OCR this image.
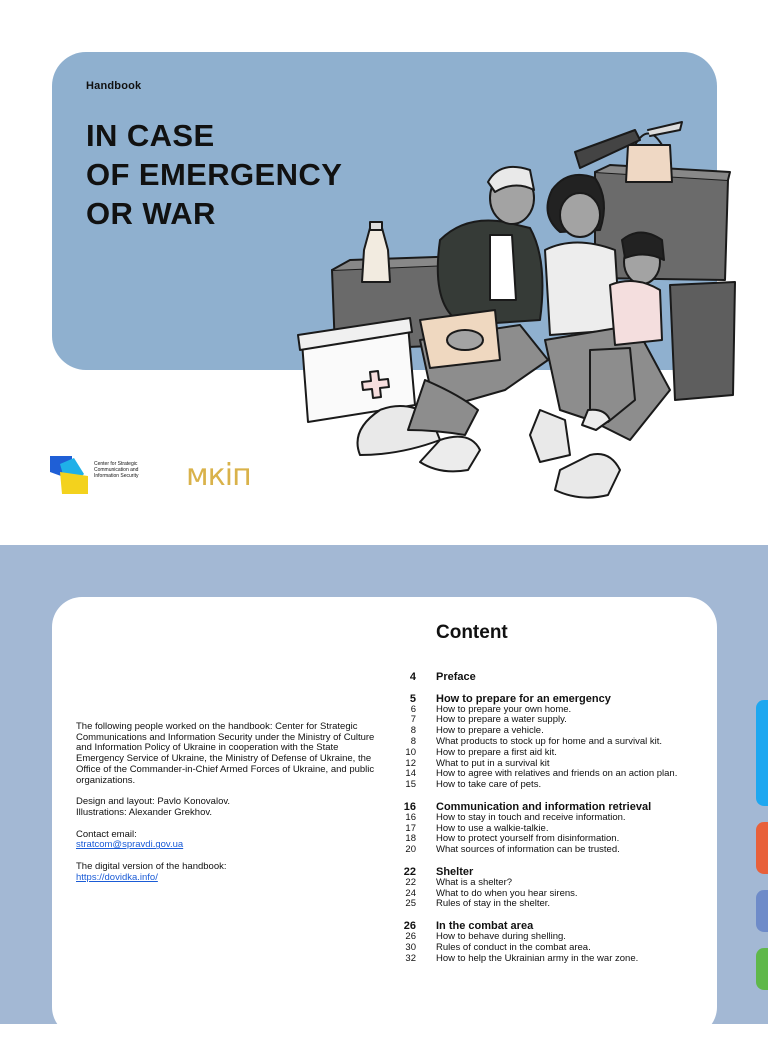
Handbook
IN CASE
OF EMERGENCY
OR WAR
Center for Strategic Communication and Information Security	мкіп

The following people worked on the handbook: Center for Strategic Communications and Information Security under the Ministry of Culture and Information Policy of Ukraine in cooperation with the State Emergency Service of Ukraine, the Ministry of Defense of Ukraine, the Office of the Commander-in-Chief Armed Forces of Ukraine, and public organizations.

Design and layout: Pavlo Konovalov.
Illustrations: Alexander Grekhov.

Contact email:
stratcom@spravdi.gov.ua

The digital version of the handbook:
https://dovidka.info/

Content
4 Preface
5 How to prepare for an emergency
6 How to prepare your own home.
7 How to prepare a water supply.
8 How to prepare a vehicle.
8 What products to stock up for home and a survival kit.
10 How to prepare a first aid kit.
12 What to put in a survival kit
14 How to agree with relatives and friends on an action plan.
15 How to take care of pets.
16 Communication and information retrieval
16 How to stay in touch and receive information.
17 How to use a walkie-talkie.
18 How to protect yourself from disinformation.
20 What sources of information can be trusted.
22 Shelter
22 What is a shelter?
24 What to do when you hear sirens.
25 Rules of stay in the shelter.
26 In the combat area
26 How to behave during shelling.
30 Rules of conduct in the combat area.
32 How to help the Ukrainian army in the war zone.
